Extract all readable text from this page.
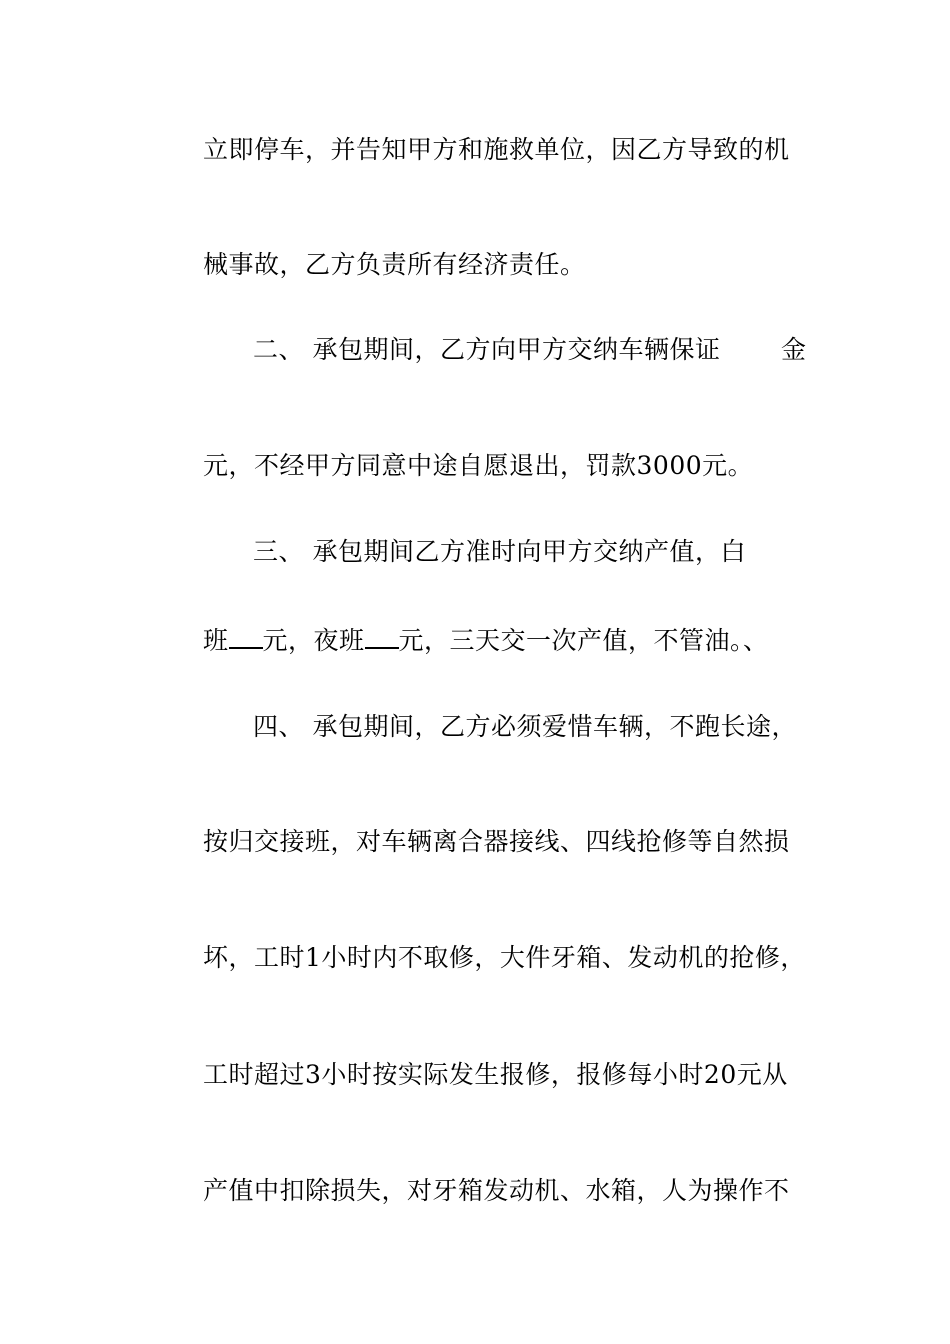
立即停车，并告知甲方和施救单位，因乙方导致的机
械事故，乙方负责所有经济责任。
二、 承包期间，乙方向甲方交纳车辆保证 金
元，不经甲方同意中途自愿退出，罚款3000元。
三、 承包期间乙方准时向甲方交纳产值，白
班 元，夜班 元，三天交一次产值，不管油。、
四、 承包期间，乙方必须爱惜车辆，不跑长途，
按归交接班，对车辆离合器接线、四线抢修等自然损
坏，工时1小时内不取修，大件牙箱、发动机的抢修，
工时超过3小时按实际发生报修，报修每小时20元从
产值中扣除损失，对牙箱发动机、水箱，人为操作不
